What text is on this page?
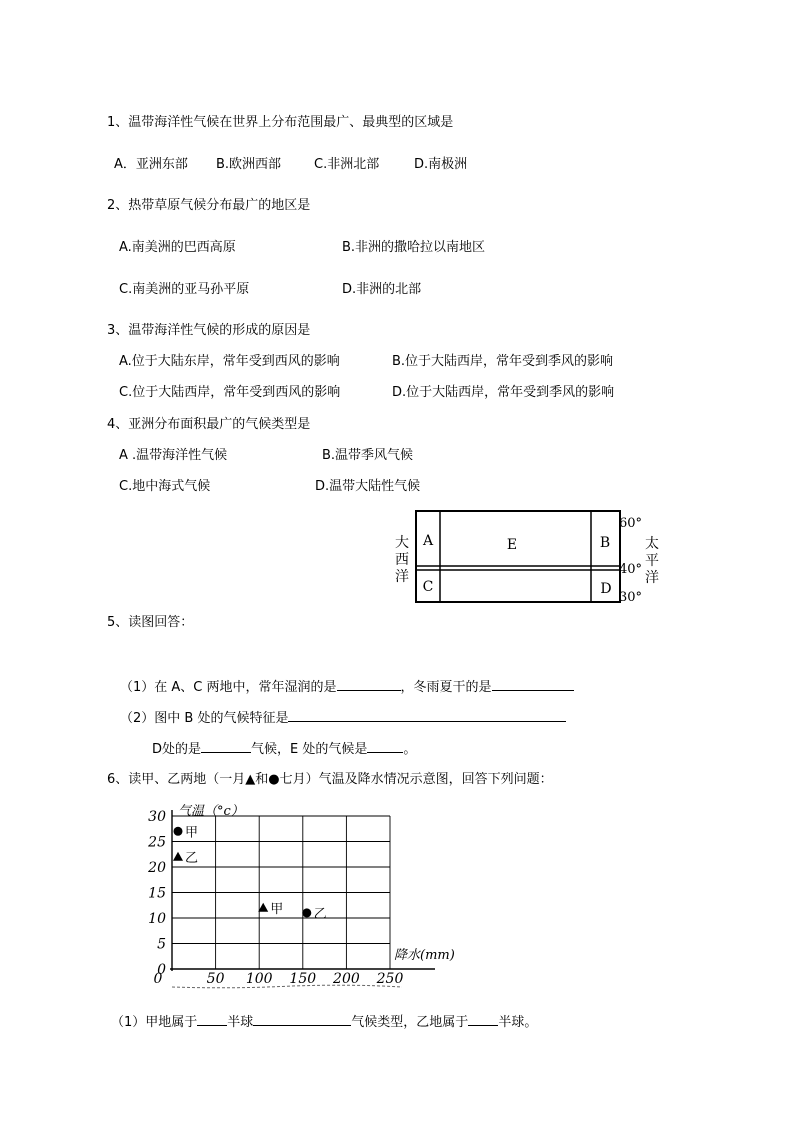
1、温带海洋性气候在世界上分布范围最广、最典型的区域是
A．亚洲东部 B.欧洲西部	C.非洲北部	D.南极洲
2、热带草原气候分布最广的地区是
A.南美洲的巴西高原	B.非洲的撒哈拉以南地区
C.南美洲的亚马孙平原	D.非洲的北部
3、温带海洋性气候的形成的原因是
A.位于大陆东岸，常年受到西风的影响	B.位于大陆西岸，常年受到季风的影响
C.位于大陆西岸，常年受到西风的影响	D.位于大陆西岸，常年受到季风的影响
4、亚洲分布面积最广的气候类型是
A .温带海洋性气候	B.温带季风气候
C.地中海式气候	D.温带大陆性气候
A	E	B
C	D
60°
40°
30°
大西洋
太平洋
5、读图回答：
（1）在 A、C 两地中，常年湿润的是	，冬雨夏干的是
（2）图中 B 处的气候特征是
D处的是	气候，E 处的气候是	。
6、读甲、乙两地（一月▲和●七月）气温及降水情况示意图，回答下列问题：
0
5
10
15
20
25
30
0	50 100 150 200 250
气温（°c）
降水(mm)
甲
乙
甲 乙
（1）甲地属于 半球	气候类型，乙地属于 半球。
